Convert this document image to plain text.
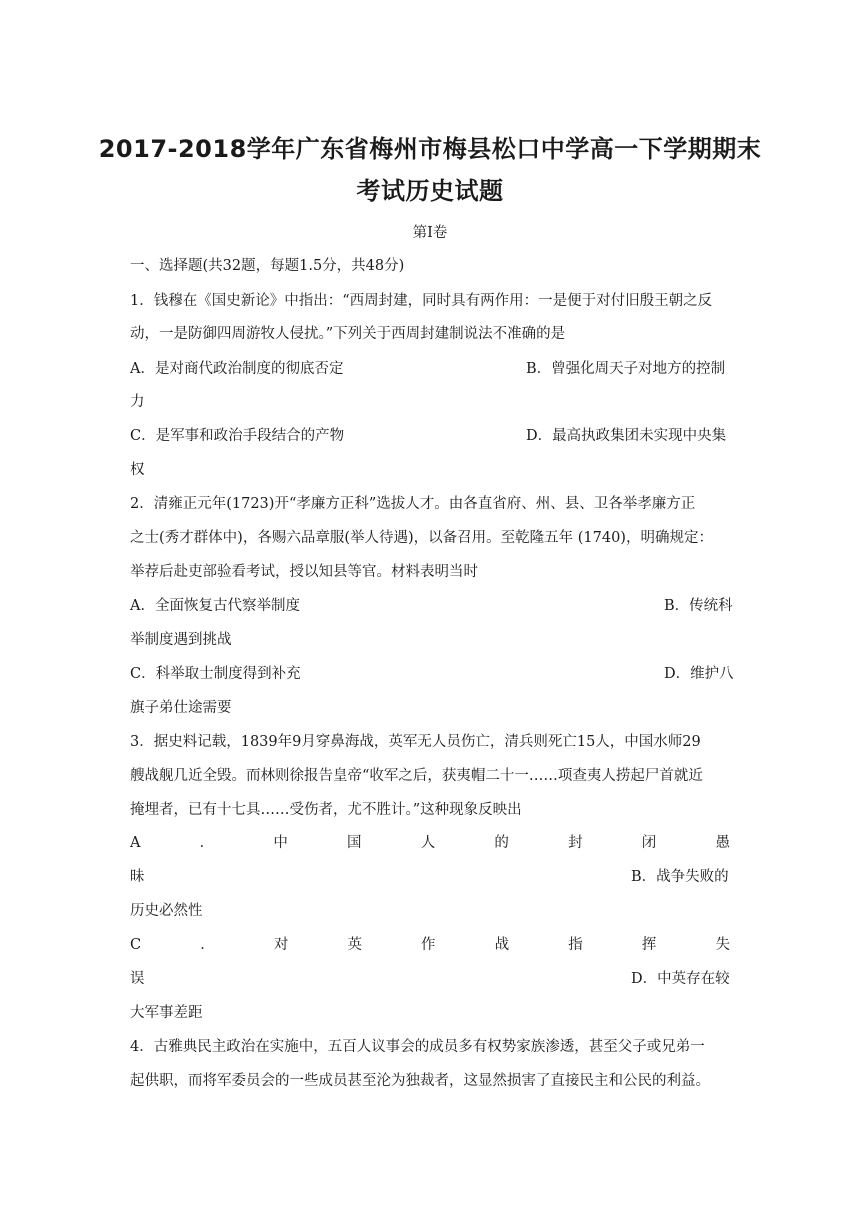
2017-2018学年广东省梅州市梅县松口中学高一下学期期末
考试历史试题
第Ⅰ卷
一、选择题(共32题，每题1.5分，共48分)
1．钱穆在《国史新论》中指出：“西周封建，同时具有两作用：一是便于对付旧殷王朝之反
动，一是防御四周游牧人侵扰。”下列关于西周封建制说法不准确的是
A．是对商代政治制度的彻底否定	B．曾强化周天子对地方的控制
力
C．是军事和政治手段结合的产物	D．最高执政集团未实现中央集
权
2．清雍正元年(1723)开“孝廉方正科”选拔人才。由各直省府、州、县、卫各举孝廉方正
之士(秀才群体中)，各赐六品章服(举人待遇)，以备召用。至乾隆五年 (1740)，明确规定：
举荐后赴吏部验看考试，授以知县等官。材料表明当时
A．全面恢复古代察举制度	B．传统科
举制度遇到挑战
C．科举取士制度得到补充	D．维护八
旗子弟仕途需要
3．据史料记载，1839年9月穿鼻海战，英军无人员伤亡，清兵则死亡15人，中国水师29
艘战舰几近全毁。而林则徐报告皇帝“收军之后，获夷帽二十一……项查夷人捞起尸首就近
掩埋者，已有十七具……受伤者，尤不胜计。”这种现象反映出
A	．	中	国	人	的	封	闭	愚
昧	B．战争失败的
历史必然性
C	．	对	英	作	战	指	挥	失
误	D．中英存在较
大军事差距
4．古雅典民主政治在实施中，五百人议事会的成员多有权势家族渗透，甚至父子或兄弟一
起供职，而将军委员会的一些成员甚至沦为独裁者，这显然损害了直接民主和公民的利益。
